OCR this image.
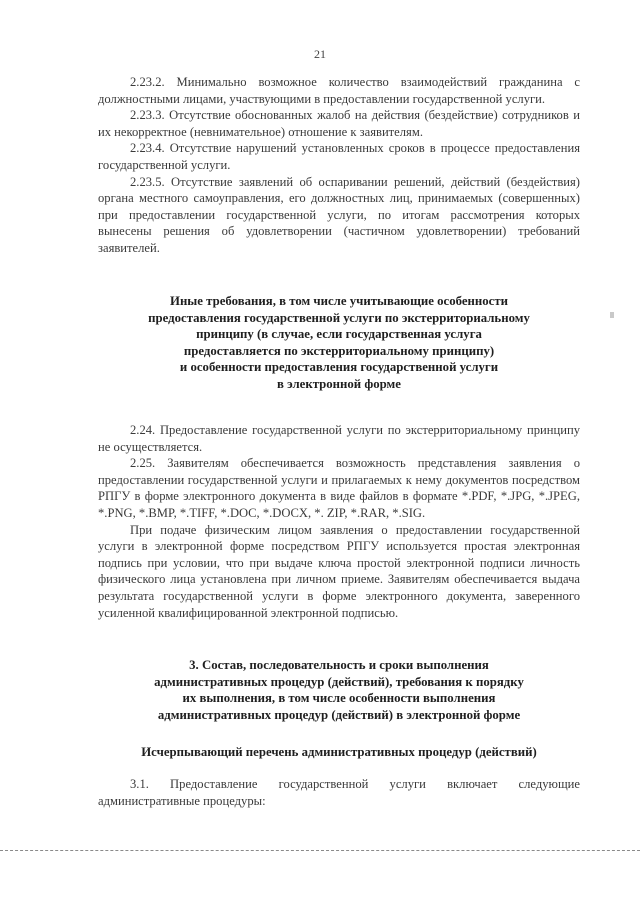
21

2.23.2. Минимально возможное количество взаимодействий гражданина с должностными лицами, участвующими в предоставлении государственной услуги.

2.23.3. Отсутствие обоснованных жалоб на действия (бездействие) сотрудников и их некорректное (невнимательное) отношение к заявителям.

2.23.4. Отсутствие нарушений установленных сроков в процессе предоставления государственной услуги.

2.23.5. Отсутствие заявлений об оспаривании решений, действий (бездействия) органа местного самоуправления, его должностных лиц, принимаемых (совершенных) при предоставлении государственной услуги, по итогам рассмотрения которых вынесены решения об удовлетворении (частичном удовлетворении) требований заявителей.

Иные требования, в том числе учитывающие особенности
предоставления государственной услуги по экстерриториальному
принципу (в случае, если государственная услуга
предоставляется по экстерриториальному принципу)
и особенности предоставления государственной услуги
в электронной форме

2.24. Предоставление государственной услуги по экстерриториальному принципу не осуществляется.

2.25. Заявителям обеспечивается возможность представления заявления о предоставлении государственной услуги и прилагаемых к нему документов посредством РПГУ в форме электронного документа в виде файлов в формате *.PDF, *.JPG, *.JPEG, *.PNG, *.BMP, *.TIFF, *.DOC, *.DOCX, *. ZIP, *.RAR, *.SIG.

При подаче физическим лицом заявления о предоставлении государственной услуги в электронной форме посредством РПГУ используется простая электронная подпись при условии, что при выдаче ключа простой электронной подписи личность физического лица установлена при личном приеме. Заявителям обеспечивается выдача результата государственной услуги в форме электронного документа, заверенного усиленной квалифицированной электронной подписью.

3. Состав, последовательность и сроки выполнения
административных процедур (действий), требования к порядку
их выполнения, в том числе особенности выполнения
административных процедур (действий) в электронной форме

Исчерпывающий перечень административных процедур (действий)

3.1. Предоставление государственной услуги включает следующие административные процедуры:
